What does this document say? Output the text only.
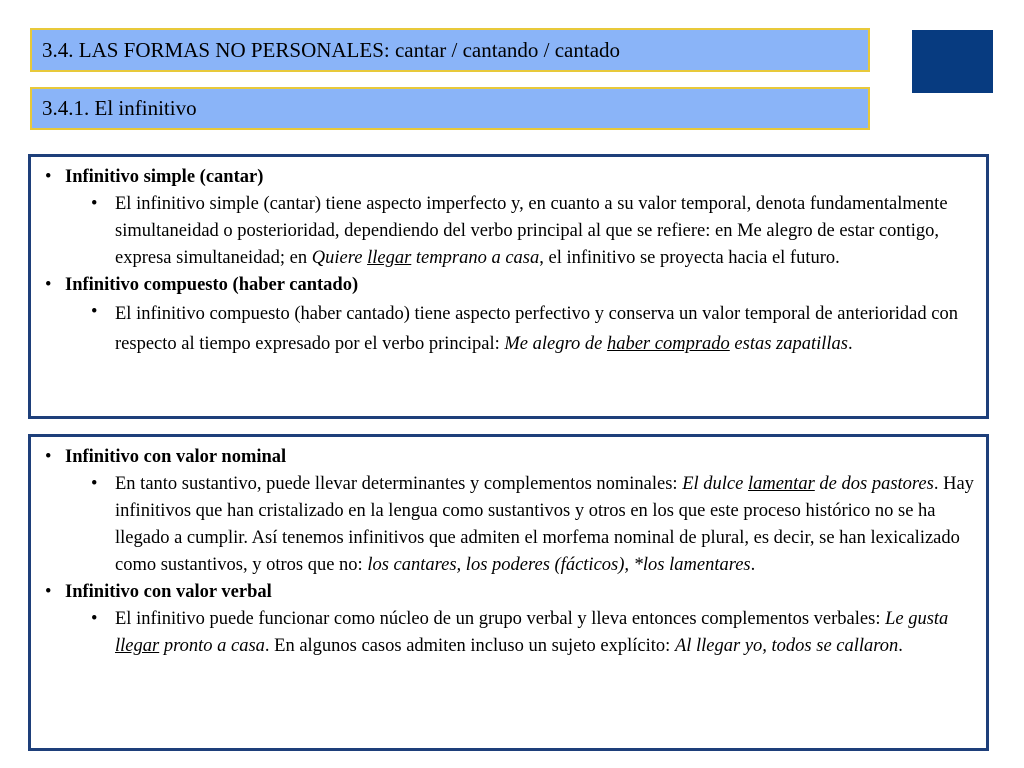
3.4. LAS FORMAS NO PERSONALES: cantar / cantando / cantado
3.4.1. El infinitivo
• Infinitivo simple (cantar)
• El infinitivo simple (cantar) tiene aspecto imperfecto y, en cuanto a su valor temporal, denota fundamentalmente simultaneidad o posterioridad, dependiendo del verbo principal al que se refiere: en Me alegro de estar contigo, expresa simultaneidad; en Quiere llegar temprano a casa, el infinitivo se proyecta hacia el futuro.
• Infinitivo compuesto (haber cantado)
• El infinitivo compuesto (haber cantado) tiene aspecto perfectivo y conserva un valor temporal de anterioridad con respecto al tiempo expresado por el verbo principal: Me alegro de haber comprado estas zapatillas.
• Infinitivo con valor nominal
• En tanto sustantivo, puede llevar determinantes y complementos nominales: El dulce lamentar de dos pastores. Hay infinitivos que han cristalizado en la lengua como sustantivos y otros en los que este proceso histórico no se ha llegado a cumplir. Así tenemos infinitivos que admiten el morfema nominal de plural, es decir, se han lexicalizado como sustantivos, y otros que no: los cantares, los poderes (fácticos), *los lamentares.
• Infinitivo con valor verbal
• El infinitivo puede funcionar como núcleo de un grupo verbal y lleva entonces complementos verbales: Le gusta llegar pronto a casa. En algunos casos admiten incluso un sujeto explícito: Al llegar yo, todos se callaron.
